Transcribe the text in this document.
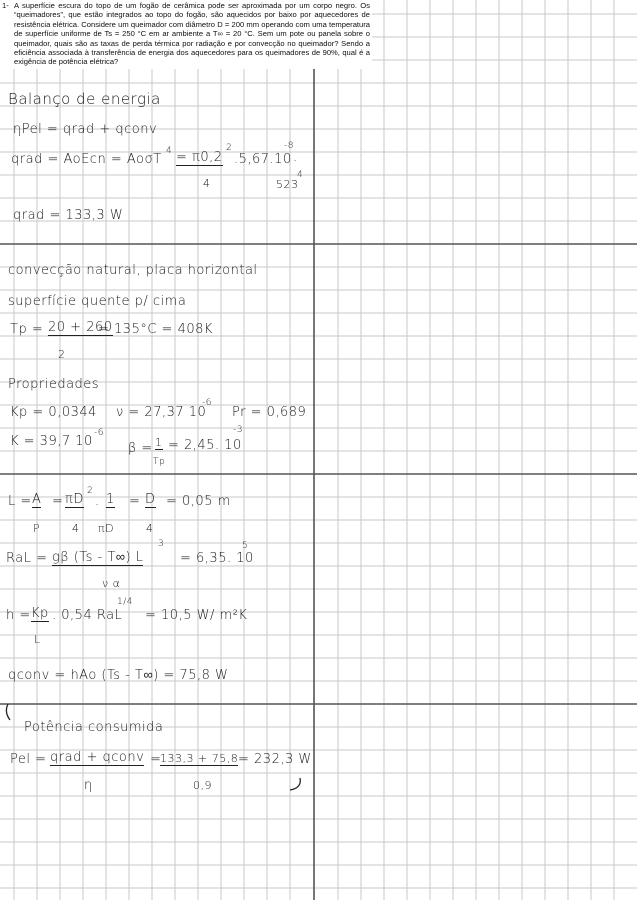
1- A superfície escura do topo de um fogão de cerâmica pode ser aproximada por um corpo negro. Os “queimadores”, que estão integrados ao topo do fogão, são aquecidos por baixo por aquecedores de resistência elétrica. Considere um queimador com diâmetro D = 200 mm operando com uma temperatura de superfície uniforme de Ts = 250 °C em ar ambiente a T∞ = 20 °C. Sem um pote ou panela sobre o queimador, quais são as taxas de perda térmica por radiação e por convecção no queimador? Sendo a eficiência associada à transferência de energia dos aquecedores para os queimadores de 90%, qual é a exigência de potência elétrica?
Balanço de energia
ηPel = qrad + qconv
qrad = AoEcn = AoσT
4 = π0,2
2
.5,67.10
-8
.
4	523
4
qrad = 133,3 W
convecção natural, placa horizontal
superfície quente p/ cima
Tp = 20 + 260
2
= 135°C = 408K
Propriedades
Kp = 0,0344 ν = 27,37 10
-6
Pr = 0,689
K = 39,7 10
-6
β = 1
Tp
= 2,45. 10
-3
L = A
P
= πD
2
4
. 1
πD
= D
4
= 0,05 m
RaL = gβ (Ts - T∞) L
3
ν α
= 6,35. 10
5
h = Kp
L
. 0,54 RaL
1/4
= 10,5 W/ m²K
qconv = hAo (Ts - T∞) = 75,8 W
Potência consumida
Pel = qrad + qconv
η
=
133,3 + 75,8
0,9
= 232,3 W
